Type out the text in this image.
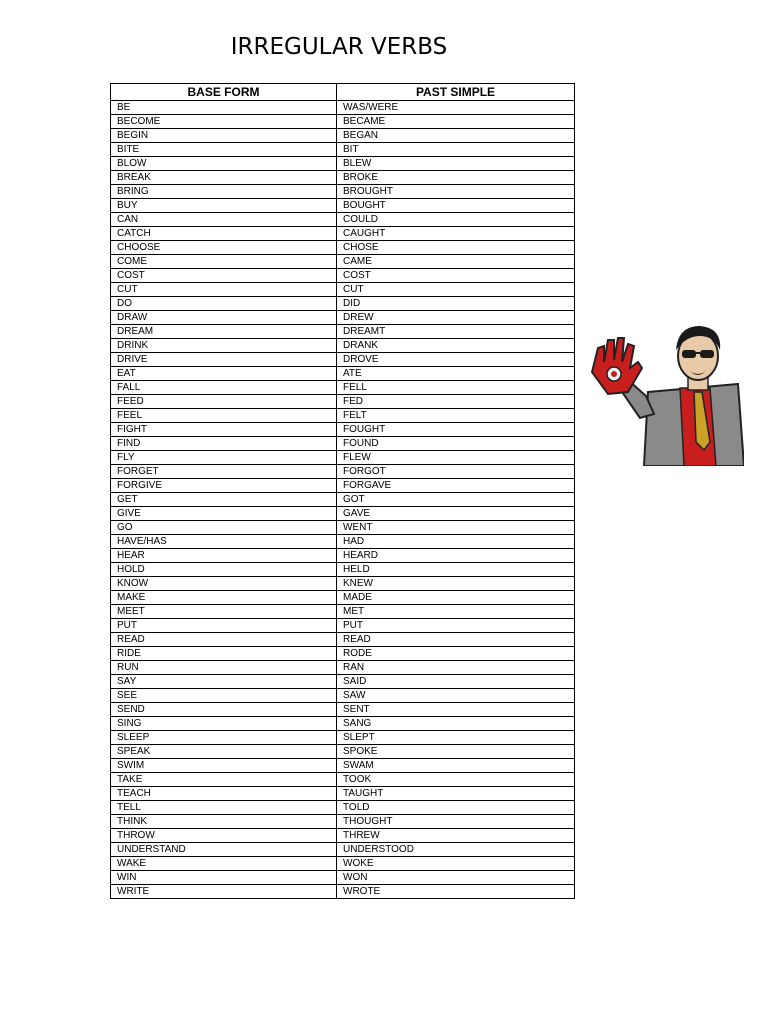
IRREGULAR VERBS
BASE FORM	PAST SIMPLE
BE	WAS/WERE
BECOME	BECAME
BEGIN	BEGAN
BITE	BIT
BLOW	BLEW
BREAK	BROKE
BRING	BROUGHT
BUY	BOUGHT
CAN	COULD
CATCH	CAUGHT
CHOOSE	CHOSE
COME	CAME
COST	COST
CUT	CUT
DO	DID
DRAW	DREW
DREAM	DREAMT
DRINK	DRANK
DRIVE	DROVE
EAT	ATE
FALL	FELL
FEED	FED
FEEL	FELT
FIGHT	FOUGHT
FIND	FOUND
FLY	FLEW
FORGET	FORGOT
FORGIVE	FORGAVE
GET	GOT
GIVE	GAVE
GO	WENT
HAVE/HAS	HAD
HEAR	HEARD
HOLD	HELD
KNOW	KNEW
MAKE	MADE
MEET	MET
PUT	PUT
READ	READ
RIDE	RODE
RUN	RAN
SAY	SAID
SEE	SAW
SEND	SENT
SING	SANG
SLEEP	SLEPT
SPEAK	SPOKE
SWIM	SWAM
TAKE	TOOK
TEACH	TAUGHT
TELL	TOLD
THINK	THOUGHT
THROW	THREW
UNDERSTAND	UNDERSTOOD
WAKE	WOKE
WIN	WON
WRITE	WROTE
